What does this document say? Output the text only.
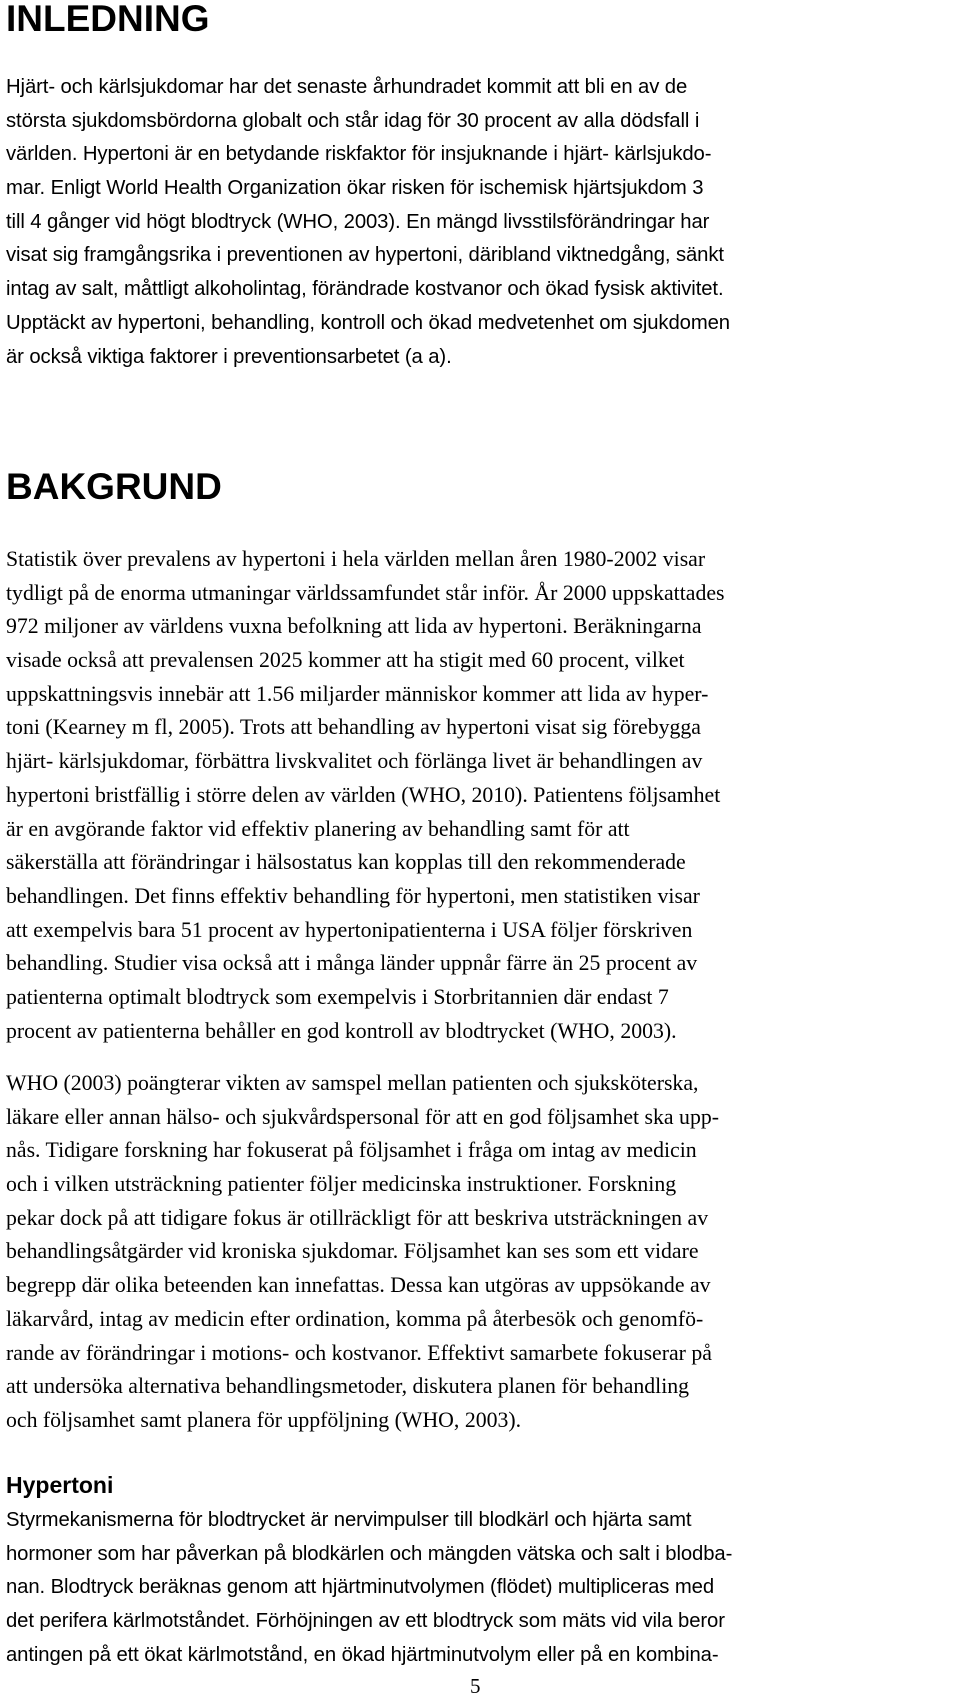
INLEDNING
Hjärt- och kärlsjukdomar har det senaste århundradet kommit att bli en av de
största sjukdomsbördorna globalt och står idag för 30 procent av alla dödsfall i
världen. Hypertoni är en betydande riskfaktor för insjuknande i hjärt- kärlsjukdo-
mar. Enligt World Health Organization ökar risken för ischemisk hjärtsjukdom 3
till 4 gånger vid högt blodtryck (WHO, 2003). En mängd livsstilsförändringar har
visat sig framgångsrika i preventionen av hypertoni, däribland viktnedgång, sänkt
intag av salt, måttligt alkoholintag, förändrade kostvanor och ökad fysisk aktivitet.
Upptäckt av hypertoni, behandling, kontroll och ökad medvetenhet om sjukdomen
är också viktiga faktorer i preventionsarbetet (a a).
BAKGRUND
Statistik över prevalens av hypertoni i hela världen mellan åren 1980-2002 visar
tydligt på de enorma utmaningar världssamfundet står inför. År 2000 uppskattades
972 miljoner av världens vuxna befolkning att lida av hypertoni. Beräkningarna
visade också att prevalensen 2025 kommer att ha stigit med 60 procent, vilket
uppskattningsvis innebär att 1.56 miljarder människor kommer att lida av hyper-
toni (Kearney m fl, 2005). Trots att behandling av hypertoni visat sig förebygga
hjärt- kärlsjukdomar, förbättra livskvalitet och förlänga livet är behandlingen av
hypertoni bristfällig i större delen av världen (WHO, 2010). Patientens följsamhet
är en avgörande faktor vid effektiv planering av behandling samt för att
säkerställa att förändringar i hälsostatus kan kopplas till den rekommenderade
behandlingen. Det finns effektiv behandling för hypertoni, men statistiken visar
att exempelvis bara 51 procent av hypertonipatienterna i USA följer förskriven
behandling. Studier visa också att i många länder uppnår färre än 25 procent av
patienterna optimalt blodtryck som exempelvis i Storbritannien där endast 7
procent av patienterna behåller en god kontroll av blodtrycket (WHO, 2003).
WHO (2003) poängterar vikten av samspel mellan patienten och sjuksköterska,
läkare eller annan hälso- och sjukvårdspersonal för att en god följsamhet ska upp-
nås. Tidigare forskning har fokuserat på följsamhet i fråga om intag av medicin
och i vilken utsträckning patienter följer medicinska instruktioner. Forskning
pekar dock på att tidigare fokus är otillräckligt för att beskriva utsträckningen av
behandlingsåtgärder vid kroniska sjukdomar. Följsamhet kan ses som ett vidare
begrepp där olika beteenden kan innefattas. Dessa kan utgöras av uppsökande av
läkarvård, intag av medicin efter ordination, komma på återbesök och genomfö-
rande av förändringar i motions- och kostvanor. Effektivt samarbete fokuserar på
att undersöka alternativa behandlingsmetoder, diskutera planen för behandling
och följsamhet samt planera för uppföljning (WHO, 2003).
Hypertoni
Styrmekanismerna för blodtrycket är nervimpulser till blodkärl och hjärta samt
hormoner som har påverkan på blodkärlen och mängden vätska och salt i blodba-
nan. Blodtryck beräknas genom att hjärtminutvolymen (flödet) multipliceras med
det perifera kärlmotståndet. Förhöjningen av ett blodtryck som mäts vid vila beror
antingen på ett ökat kärlmotstånd, en ökad hjärtminutvolym eller på en kombina-
5
